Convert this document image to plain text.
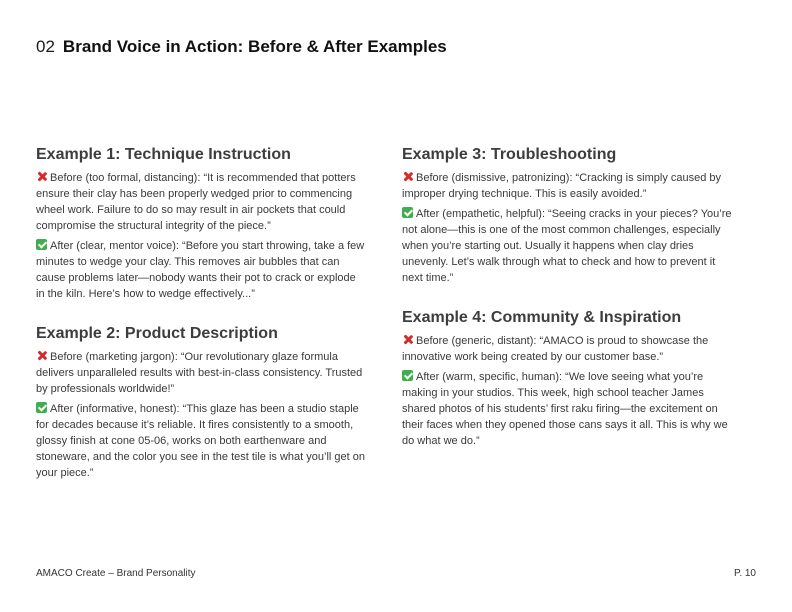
02 Brand Voice in Action: Before & After Examples
Example 1: Technique Instruction

Before (too formal, distancing): “It is recommended that potters ensure their clay has been properly wedged prior to commencing wheel work. Failure to do so may result in air pockets that could compromise the structural integrity of the piece.”

After (clear, mentor voice): “Before you start throwing, take a few minutes to wedge your clay. This removes air bubbles that can cause problems later—nobody wants their pot to crack or explode in the kiln. Here’s how to wedge effectively...”

Example 2: Product Description

Before (marketing jargon): “Our revolutionary glaze formula delivers unparalleled results with best-in-class consistency. Trusted by professionals worldwide!”

After (informative, honest): “This glaze has been a studio staple for decades because it’s reliable. It fires consistently to a smooth, glossy finish at cone 05-06, works on both earthenware and stoneware, and the color you see in the test tile is what you’ll get on your piece.”

Example 3: Troubleshooting

Before (dismissive, patronizing): “Cracking is simply caused by improper drying technique. This is easily avoided.”

After (empathetic, helpful): “Seeing cracks in your pieces? You’re not alone—this is one of the most common challenges, especially when you’re starting out. Usually it happens when clay dries unevenly. Let’s walk through what to check and how to prevent it next time.”

Example 4: Community & Inspiration

Before (generic, distant): “AMACO is proud to showcase the innovative work being created by our customer base.”

After (warm, specific, human): “We love seeing what you’re making in your studios. This week, high school teacher James shared photos of his students’ first raku firing—the excitement on their faces when they opened those cans says it all. This is why we do what we do.”

AMACO Create – Brand Personality	P. 10
